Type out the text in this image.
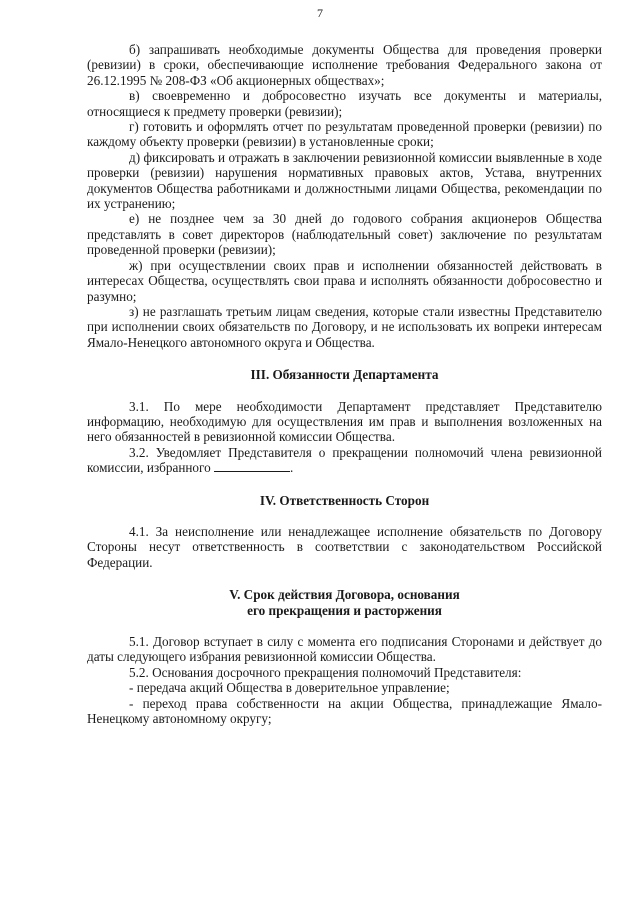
7

б) запрашивать необходимые документы Общества для проведения проверки (ревизии) в сроки, обеспечивающие исполнение требования Федерального закона от 26.12.1995 № 208-ФЗ «Об акционерных обществах»;

в) своевременно и добросовестно изучать все документы и материалы, относящиеся к предмету проверки (ревизии);

г) готовить и оформлять отчет по результатам проведенной проверки (ревизии) по каждому объекту проверки (ревизии) в установленные сроки;

д) фиксировать и отражать в заключении ревизионной комиссии выявленные в ходе проверки (ревизии) нарушения нормативных правовых актов, Устава, внутренних документов Общества работниками и должностными лицами Общества, рекомендации по их устранению;

е) не позднее чем за 30 дней до годового собрания акционеров Общества представлять в совет директоров (наблюдательный совет) заключение по результатам проведенной проверки (ревизии);

ж) при осуществлении своих прав и исполнении обязанностей действовать в интересах Общества, осуществлять свои права и исполнять обязанности добросовестно и разумно;

з) не разглашать третьим лицам сведения, которые стали известны Представителю при исполнении своих обязательств по Договору, и не использовать их вопреки интересам Ямало-Ненецкого автономного округа и Общества.

III. Обязанности Департамента

3.1. По мере необходимости Департамент представляет Представителю информацию, необходимую для осуществления им прав и выполнения возложенных на него обязанностей в ревизионной комиссии Общества.

3.2. Уведомляет Представителя о прекращении полномочий члена ревизионной комиссии, избранного	.

IV. Ответственность Сторон

4.1. За неисполнение или ненадлежащее исполнение обязательств по Договору Стороны несут ответственность в соответствии с законодательством Российской Федерации.

V. Срок действия Договора, основания
его прекращения и расторжения

5.1. Договор вступает в силу с момента его подписания Сторонами и действует до даты следующего избрания ревизионной комиссии Общества.

5.2. Основания досрочного прекращения полномочий Представителя:

- передача акций Общества в доверительное управление;

- переход права собственности на акции Общества, принадлежащие Ямало-Ненецкому автономному округу;
